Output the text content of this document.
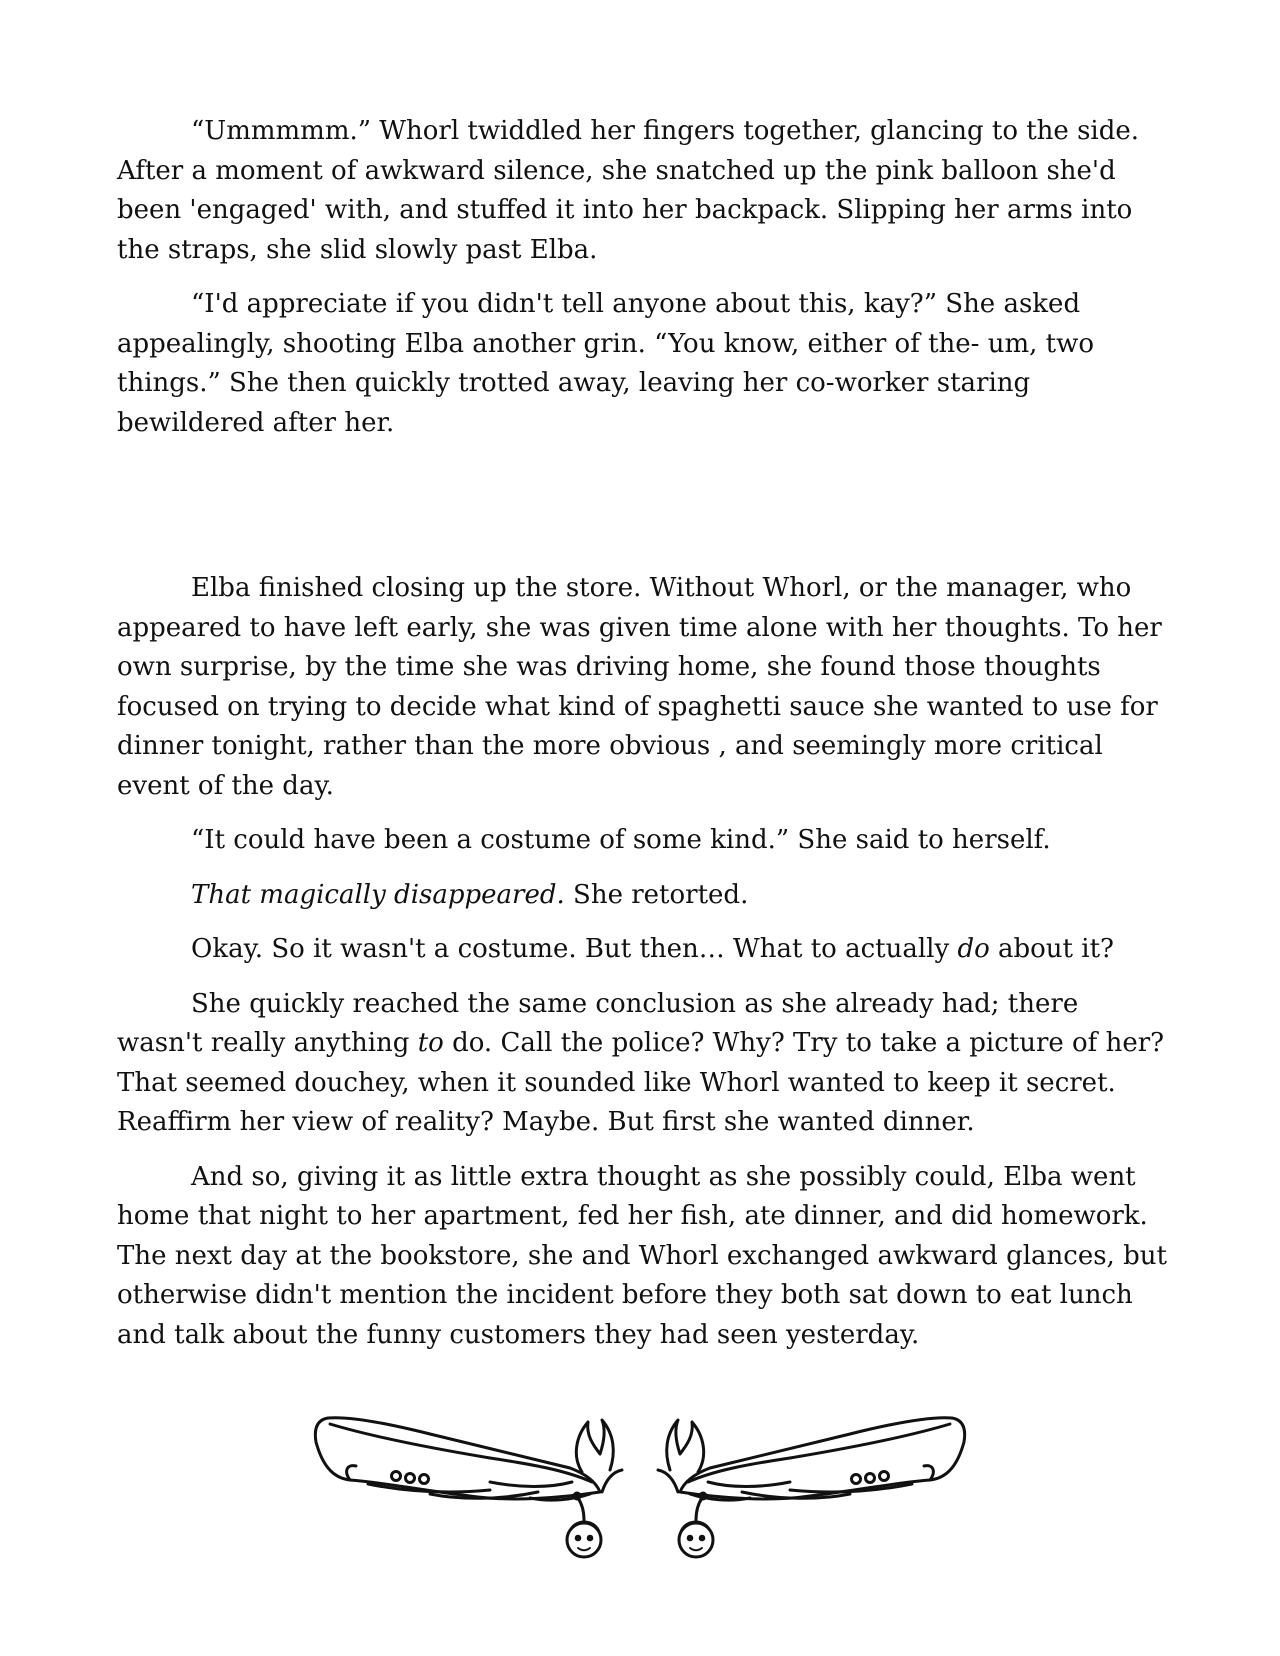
“Ummmmm.” Whorl twiddled her fingers together, glancing to the side. After a moment of awkward silence, she snatched up the pink balloon she'd been 'engaged' with, and stuffed it into her backpack. Slipping her arms into the straps, she slid slowly past Elba.

“I'd appreciate if you didn't tell anyone about this, kay?” She asked appealingly, shooting Elba another grin. “You know, either of the- um, two things.” She then quickly trotted away, leaving her co-worker staring bewildered after her.

Elba finished closing up the store. Without Whorl, or the manager, who appeared to have left early, she was given time alone with her thoughts. To her own surprise, by the time she was driving home, she found those thoughts focused on trying to decide what kind of spaghetti sauce she wanted to use for dinner tonight, rather than the more obvious , and seemingly more critical event of the day.

“It could have been a costume of some kind.” She said to herself.

That magically disappeared. She retorted.

Okay. So it wasn't a costume. But then… What to actually do about it?

She quickly reached the same conclusion as she already had; there wasn't really anything to do. Call the police? Why? Try to take a picture of her? That seemed douchey, when it sounded like Whorl wanted to keep it secret. Reaffirm her view of reality? Maybe. But first she wanted dinner.

And so, giving it as little extra thought as she possibly could, Elba went home that night to her apartment, fed her fish, ate dinner, and did homework. The next day at the bookstore, she and Whorl exchanged awkward glances, but otherwise didn't mention the incident before they both sat down to eat lunch and talk about the funny customers they had seen yesterday.
